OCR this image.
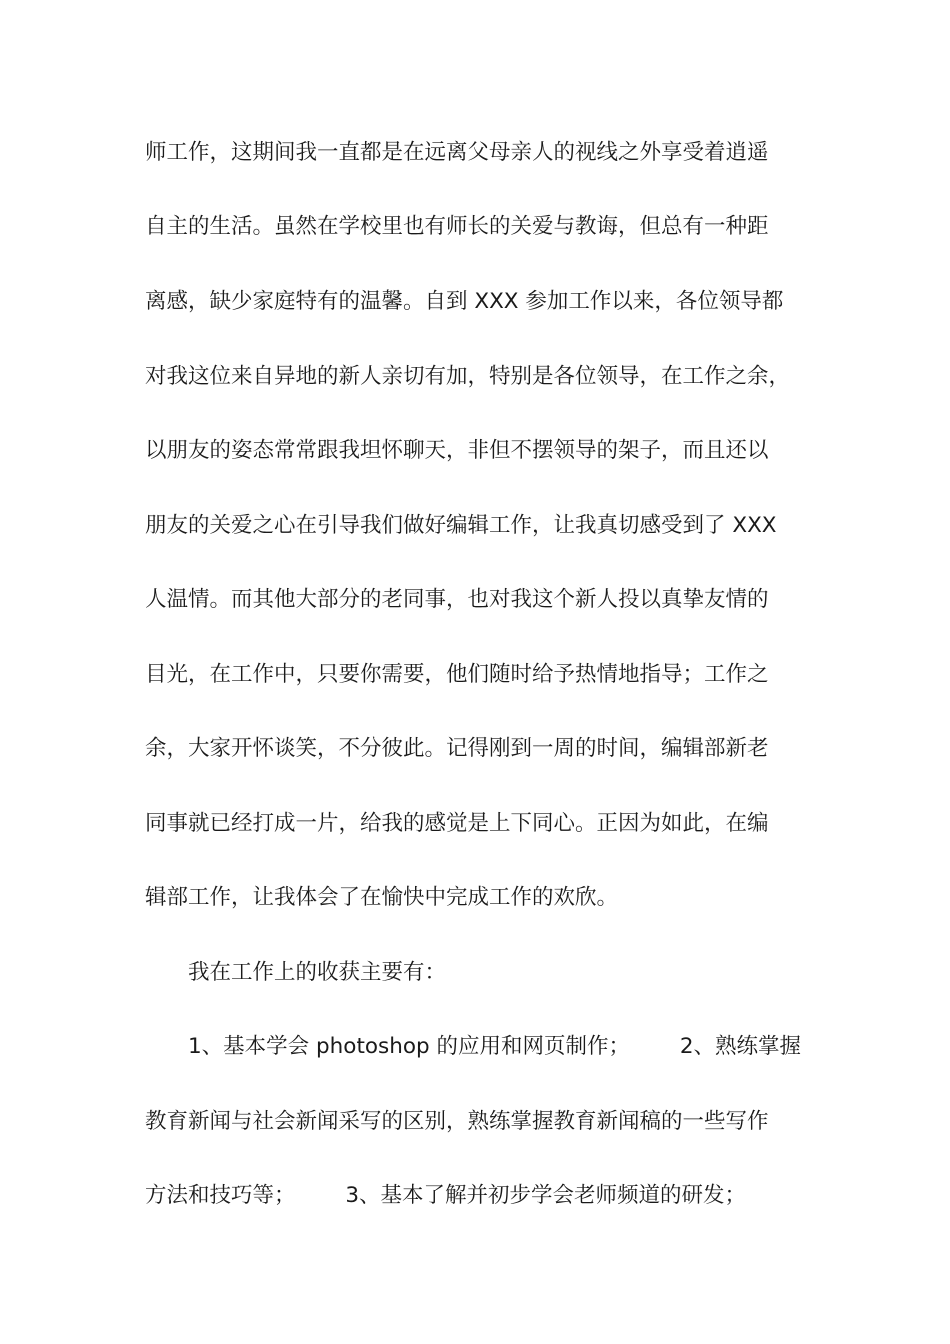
师工作，这期间我一直都是在远离父母亲人的视线之外享受着逍遥
自主的生活。虽然在学校里也有师长的关爱与教诲，但总有一种距
离感，缺少家庭特有的温馨。自到 XXX 参加工作以来，各位领导都
对我这位来自异地的新人亲切有加，特别是各位领导，在工作之余，
以朋友的姿态常常跟我坦怀聊天，非但不摆领导的架子，而且还以
朋友的关爱之心在引导我们做好编辑工作，让我真切感受到了 XXX
人温情。而其他大部分的老同事，也对我这个新人投以真挚友情的
目光，在工作中，只要你需要，他们随时给予热情地指导；工作之
余，大家开怀谈笑，不分彼此。记得刚到一周的时间，编辑部新老
同事就已经打成一片，给我的感觉是上下同心。正因为如此，在编
辑部工作，让我体会了在愉快中完成工作的欢欣。
我在工作上的收获主要有：
1、基本学会 photoshop 的应用和网页制作；   2、熟练掌握
教育新闻与社会新闻采写的区别，熟练掌握教育新闻稿的一些写作
方法和技巧等；   3、基本了解并初步学会老师频道的研发；
